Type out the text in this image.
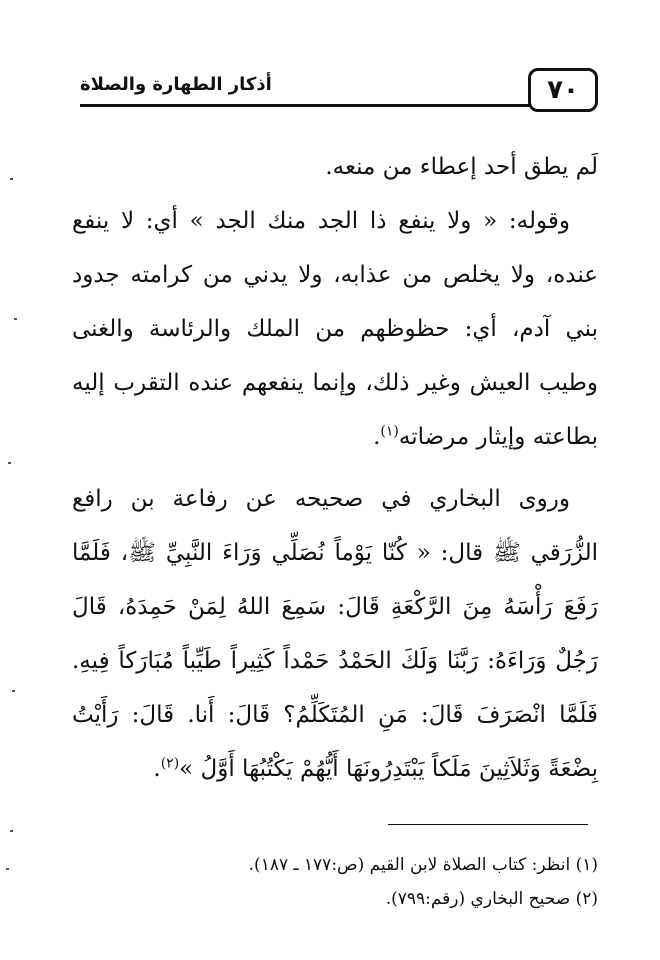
٧٠
أذكار الطهارة والصلاة

لَم يطق أحد إعطاء من منعه.

وقوله: « ولا ينفع ذا الجد منك الجد » أي: لا ينفع عنده، ولا يخلص من عذابه، ولا يدني من كرامته جدود بني آدم، أي: حظوظهم من الملك والرئاسة والغنى وطيب العيش وغير ذلك، وإنما ينفعهم عنده التقرب إليه بطاعته وإيثار مرضاته$^{(١)}$.

وروى البخاري في صحيحه عن رفاعة بن رافع الزُّرَقي ﷺ قال: « كُنّا يَوْماً نُصَلِّي وَرَاءَ النَّبِيِّ ﷺ، فَلَمَّا رَفَعَ رَأْسَهُ مِنَ الرَّكْعَةِ قَالَ: سَمِعَ اللهُ لِمَنْ حَمِدَهُ، قَالَ رَجُلٌ وَرَاءَهُ: رَبَّنَا وَلَكَ الحَمْدُ حَمْداً كَثِيراً طَيِّباً مُبَارَكاً فِيهِ. فَلَمَّا انْصَرَفَ قَالَ: مَنِ المُتَكَلِّمُ؟ قَالَ: أَنا. قَالَ: رَأَيْتُ بِضْعَةً وَثَلاَثِينَ مَلَكاً يَبْتَدِرُونَهَا أَيُّهُمْ يَكْتُبُهَا أَوَّلُ »$^{(٢)}$.

(١) انظر: كتاب الصلاة لابن القيم (ص:١٧٧ ـ ١٨٧).

(٢) صحيح البخاري (رقم:٧٩٩).
